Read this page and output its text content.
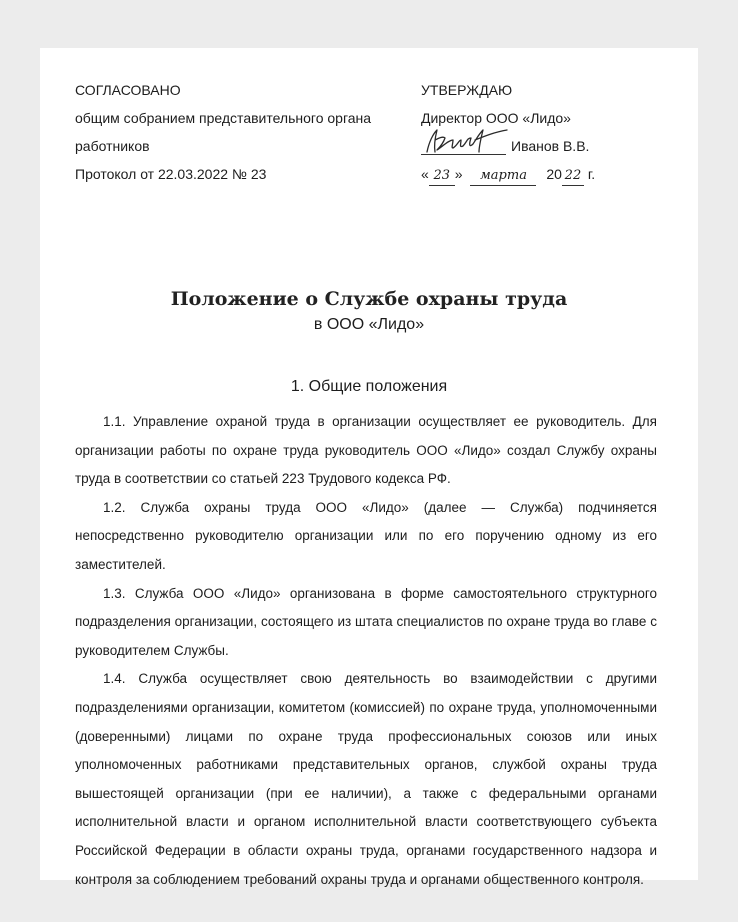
СОГЛАСОВАНО
общим собранием представительного органа
работников
Протокол от 22.03.2022 № 23
УТВЕРЖДАЮ
Директор ООО «Лидо»
Иванов В.В.
« 23 » марта 20 22 г.
Положение о Службе охраны труда
в ООО «Лидо»
1. Общие положения

1.1. Управление охраной труда в организации осуществляет ее руководитель. Для организации работы по охране труда руководитель ООО «Лидо» создал Службу охраны труда в соответствии со статьей 223 Трудового кодекса РФ.

1.2. Служба охраны труда ООО «Лидо» (далее — Служба) подчиняется непосредственно руководителю организации или по его поручению одному из его заместителей.

1.3. Служба ООО «Лидо» организована в форме самостоятельного структурного подразделения организации, состоящего из штата специалистов по охране труда во главе с руководителем Службы.

1.4. Служба осуществляет свою деятельность во взаимодействии с другими подразделениями организации, комитетом (комиссией) по охране труда, уполномоченными (доверенными) лицами по охране труда профессиональных союзов или иных уполномоченных работниками представительных органов, службой охраны труда вышестоящей организации (при ее наличии), а также с федеральными органами исполнительной власти и органом исполнительной власти соответствующего субъекта Российской Федерации в области охраны труда, органами государственного надзора и контроля за соблюдением требований охраны труда и органами общественного контроля.
